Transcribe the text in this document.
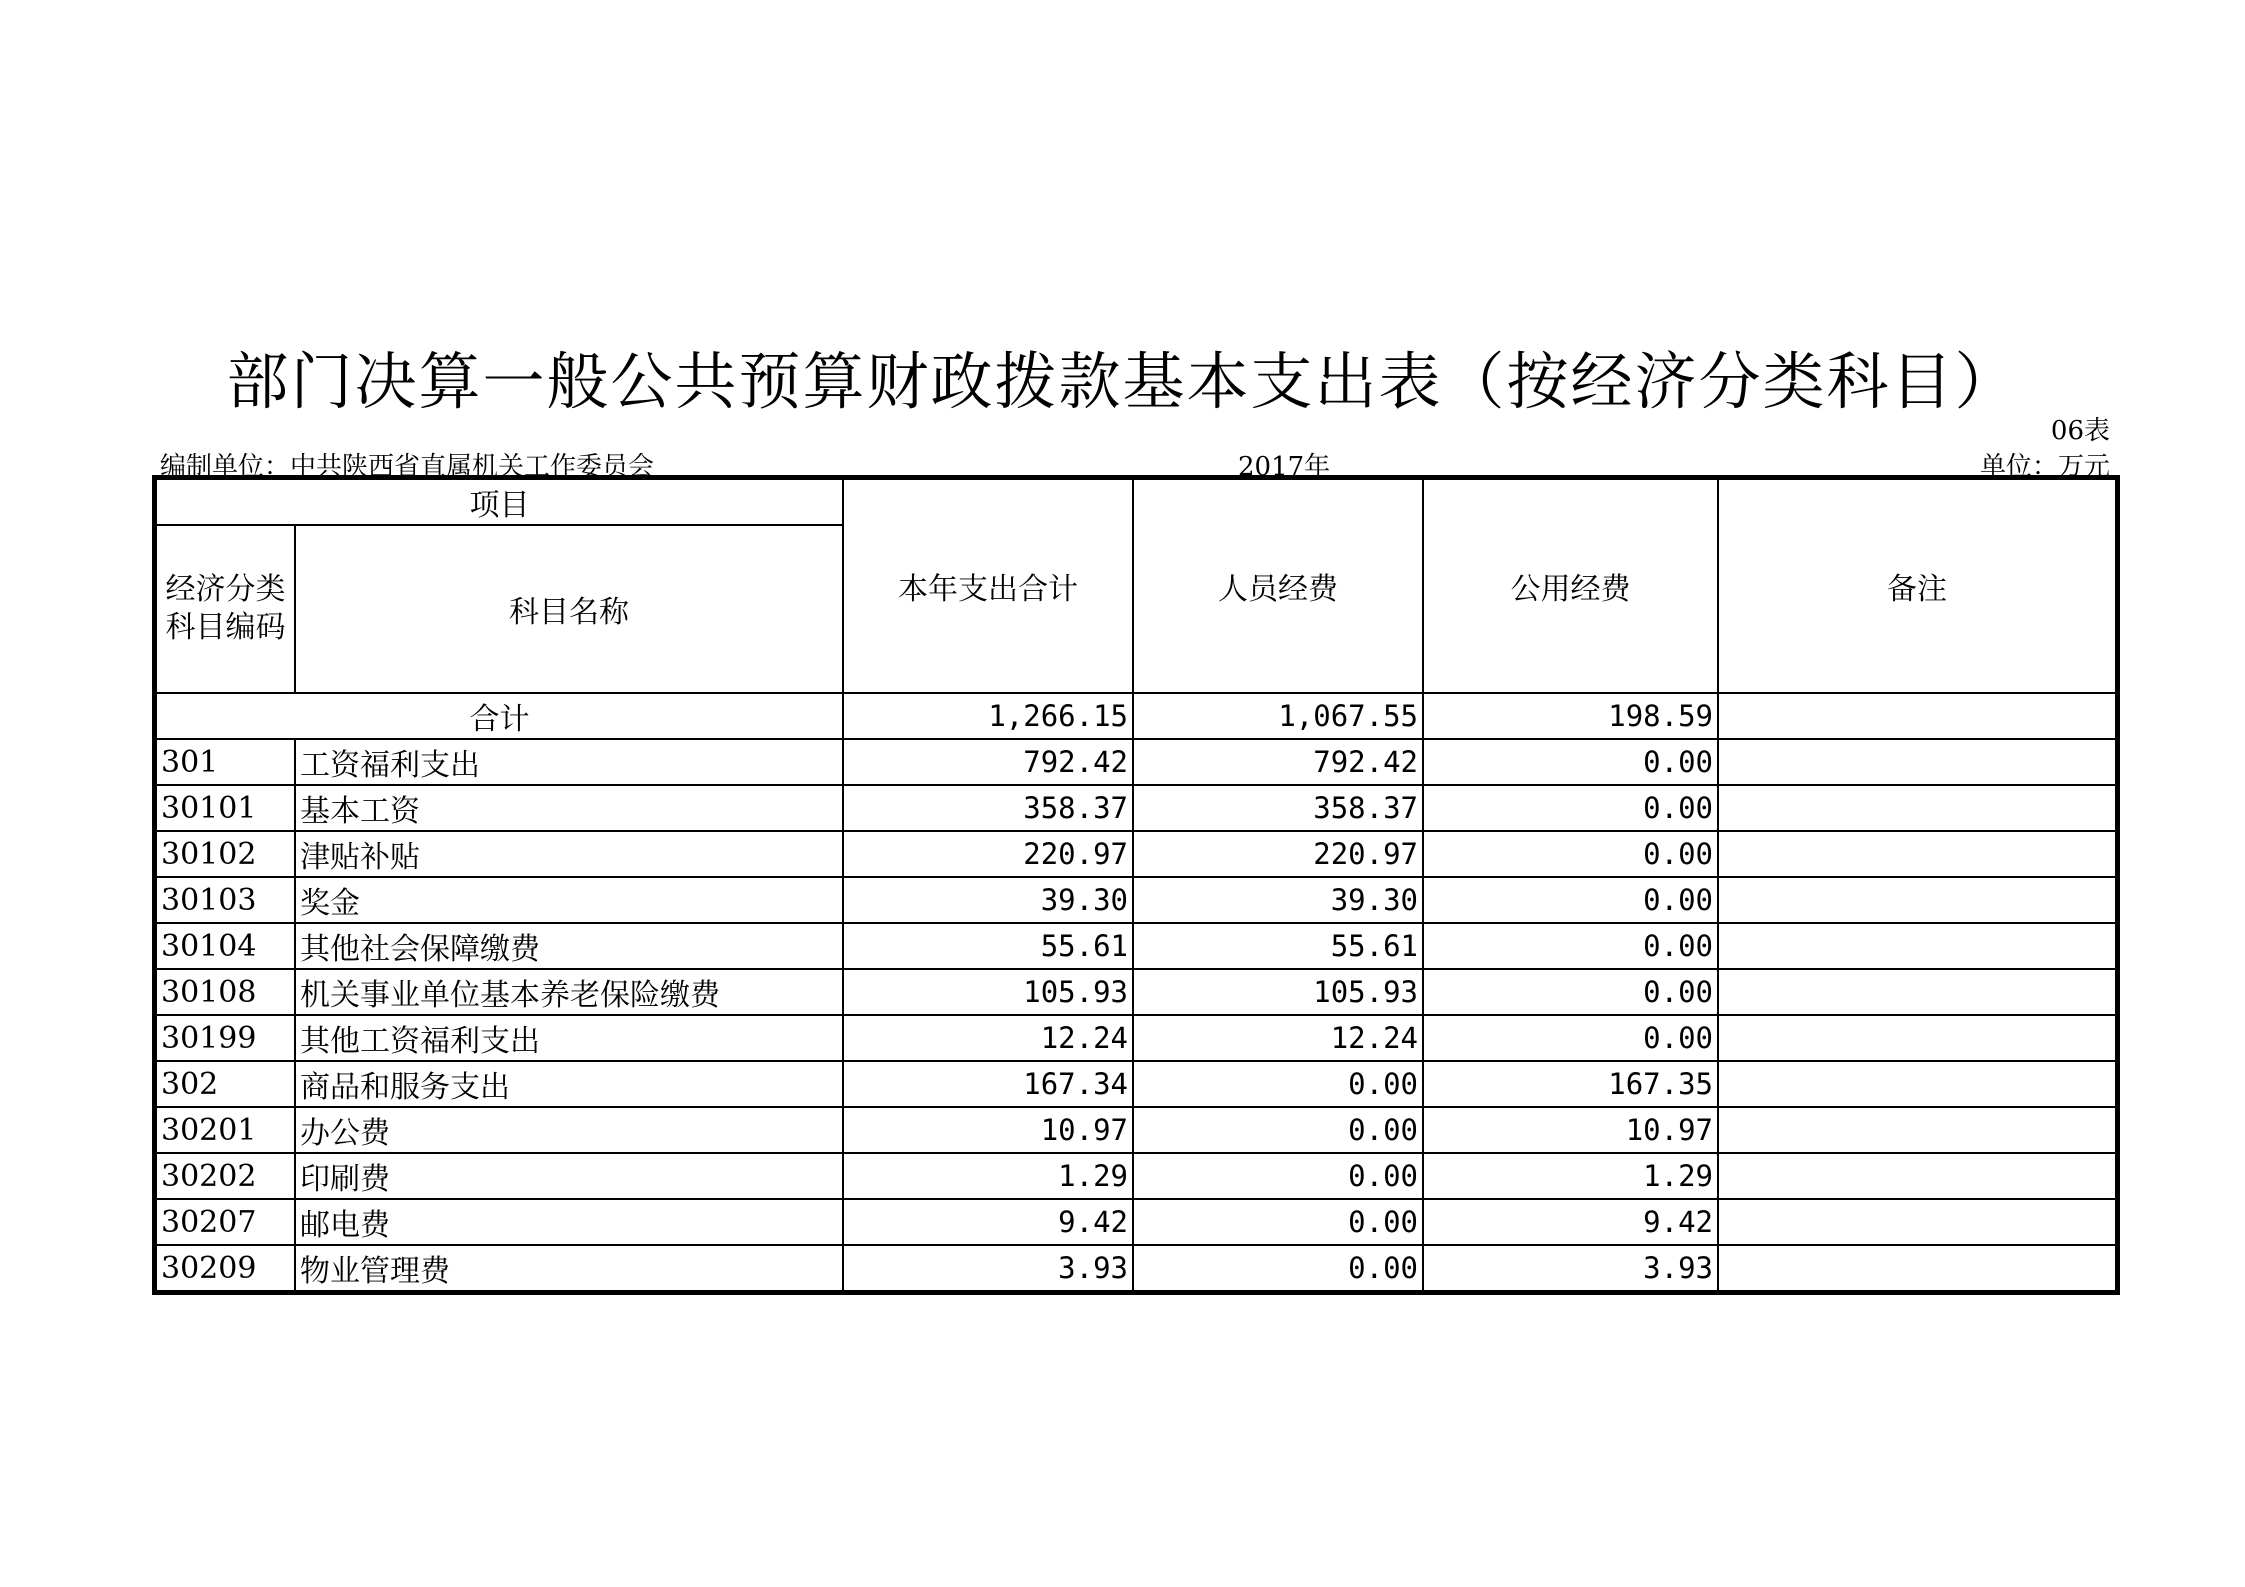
部门决算一般公共预算财政拨款基本支出表（按经济分类科目）
06表
编制单位：中共陕西省直属机关工作委员会	2017年	单位：万元
项目		本年支出合计	人员经费	公用经费	备注

经济分类
科目编码	科目名称				
合计		1,266.15	1,067.55	198.59	
301	工资福利支出	792.42	792.42	0.00	
30101	基本工资	358.37	358.37	0.00	
30102	津贴补贴	220.97	220.97	0.00	
30103	奖金	39.30	39.30	0.00	
30104	其他社会保障缴费	55.61	55.61	0.00	
30108	机关事业单位基本养老保险缴费	105.93	105.93	0.00	
30199	其他工资福利支出	12.24	12.24	0.00	
302	商品和服务支出	167.34	0.00	167.35	
30201	办公费	10.97	0.00	10.97	
30202	印刷费	1.29	0.00	1.29	
30207	邮电费	9.42	0.00	9.42	
30209	物业管理费	3.93	0.00	3.93	
